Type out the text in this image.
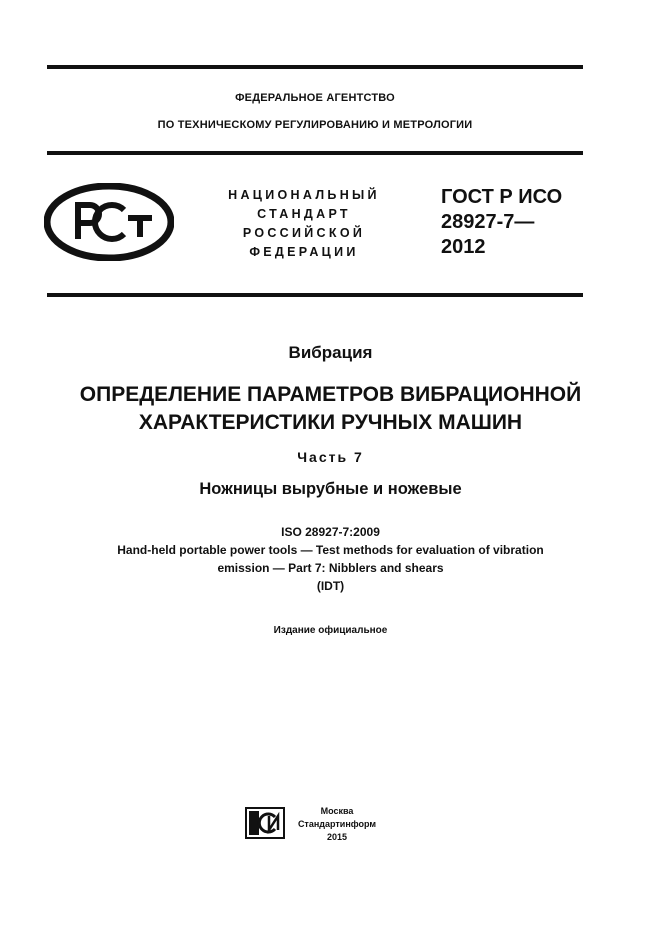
ФЕДЕРАЛЬНОЕ АГЕНТСТВО
ПО ТЕХНИЧЕСКОМУ РЕГУЛИРОВАНИЮ И МЕТРОЛОГИИ
НАЦИОНАЛЬНЫЙ
СТАНДАРТ
РОССИЙСКОЙ
ФЕДЕРАЦИИ
ГОСТ Р ИСО
28927-7—
2012
Вибрация
ОПРЕДЕЛЕНИЕ ПАРАМЕТРОВ ВИБРАЦИОННОЙ
ХАРАКТЕРИСТИКИ РУЧНЫХ МАШИН
Часть 7
Ножницы вырубные и ножевые
ISO 28927-7:2009
Hand-held portable power tools — Test methods for evaluation of vibration
emission — Part 7: Nibblers and shears
(IDT)
Издание официальное
Москва
Стандартинформ
2015
